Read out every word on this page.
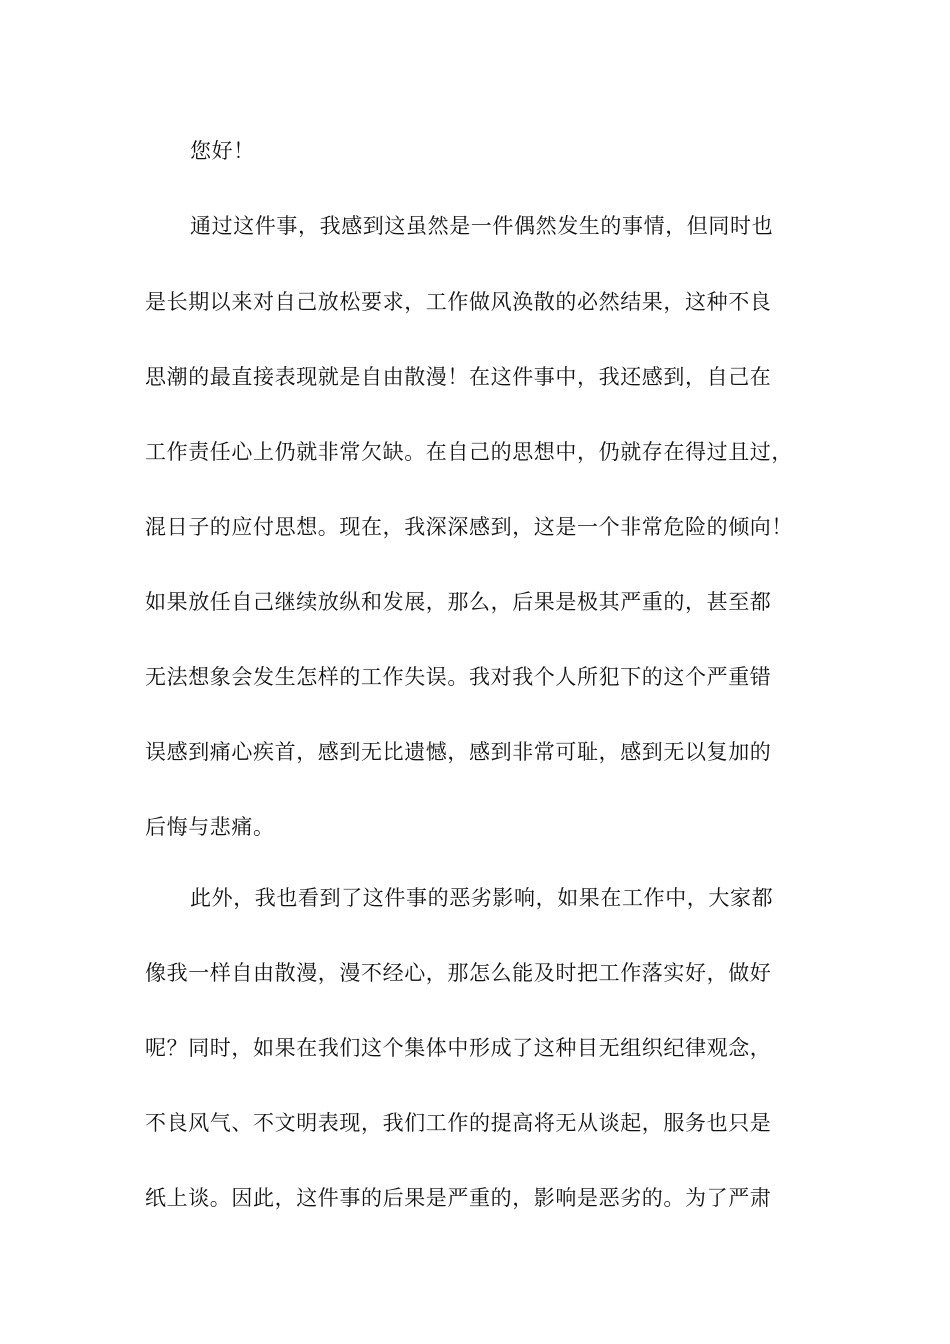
您好！
通过这件事，我感到这虽然是一件偶然发生的事情，但同时也
是长期以来对自己放松要求，工作做风涣散的必然结果，这种不良
思潮的最直接表现就是自由散漫！在这件事中，我还感到，自己在
工作责任心上仍就非常欠缺。在自己的思想中，仍就存在得过且过，
混日子的应付思想。现在，我深深感到，这是一个非常危险的倾向！
如果放任自己继续放纵和发展，那么，后果是极其严重的，甚至都
无法想象会发生怎样的工作失误。我对我个人所犯下的这个严重错
误感到痛心疾首，感到无比遗憾，感到非常可耻，感到无以复加的
后悔与悲痛。
此外，我也看到了这件事的恶劣影响，如果在工作中，大家都
像我一样自由散漫，漫不经心，那怎么能及时把工作落实好，做好
呢？同时，如果在我们这个集体中形成了这种目无组织纪律观念，
不良风气、不文明表现，我们工作的提高将无从谈起，服务也只是
纸上谈。因此，这件事的后果是严重的，影响是恶劣的。为了严肃
